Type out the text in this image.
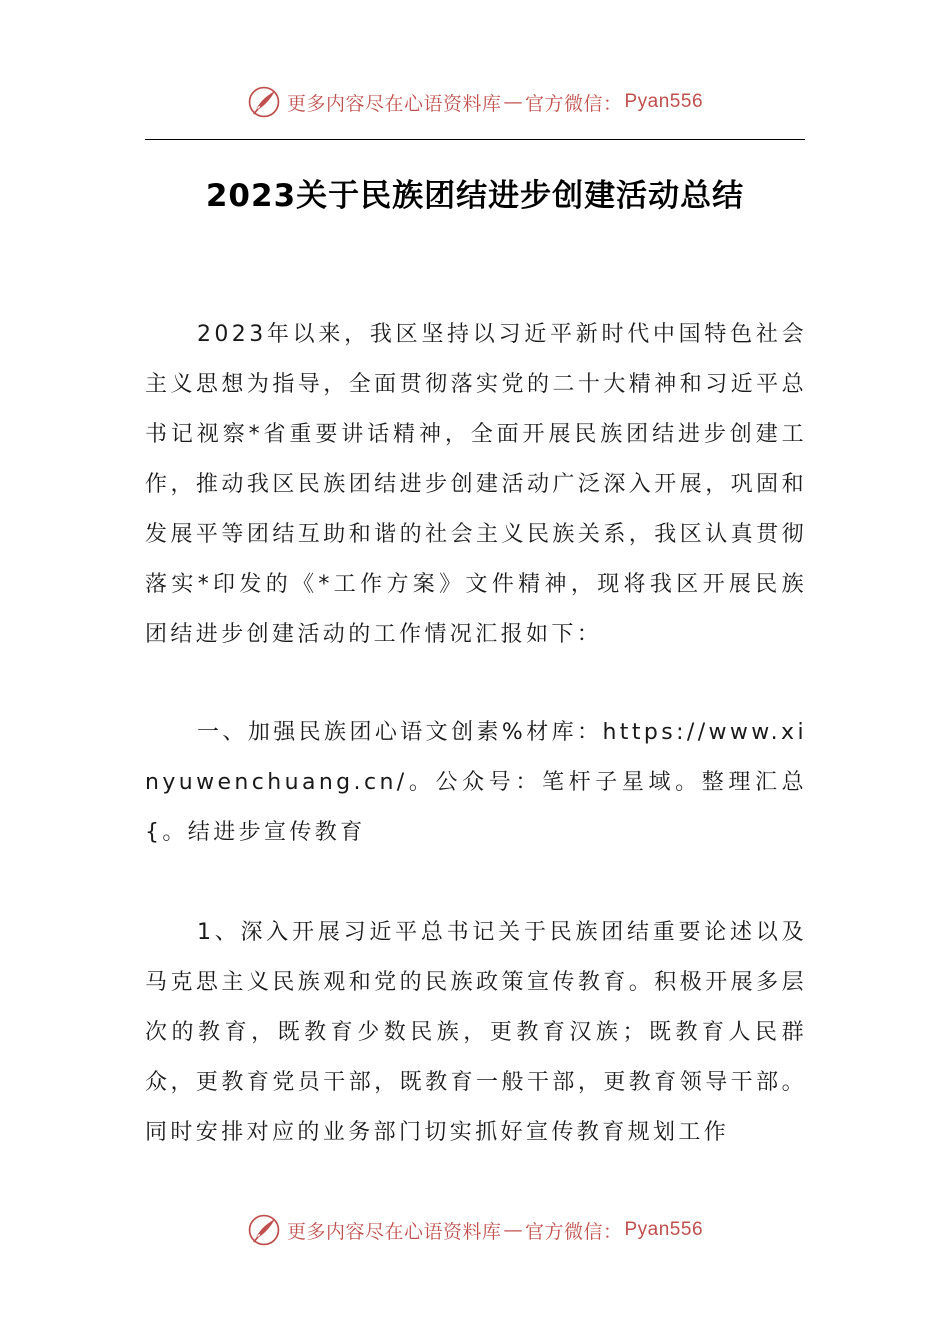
更多内容尽在心语资料库 — 官方微信： Pyan556
2023关于民族团结进步创建活动总结

2023年以来，我区坚持以习近平新时代中国特色社会主义思想为指导，全面贯彻落实党的二十大精神和习近平总书记视察*省重要讲话精神，全面开展民族团结进步创建工作，推动我区民族团结进步创建活动广泛深入开展，巩固和发展平等团结互助和谐的社会主义民族关系，我区认真贯彻落实*印发的《*工作方案》文件精神，现将我区开展民族团结进步创建活动的工作情况汇报如下：

一、加强民族团心语文创素%材库：https://www.xinyuwenchuang.cn/。公众号：笔杆子星域。整理汇总{。结进步宣传教育

1、深入开展习近平总书记关于民族团结重要论述以及马克思主义民族观和党的民族政策宣传教育。积极开展多层次的教育，既教育少数民族，更教育汉族；既教育人民群众，更教育党员干部，既教育一般干部，更教育领导干部。同时安排对应的业务部门切实抓好宣传教育规划工作

更多内容尽在心语资料库 — 官方微信： Pyan556
